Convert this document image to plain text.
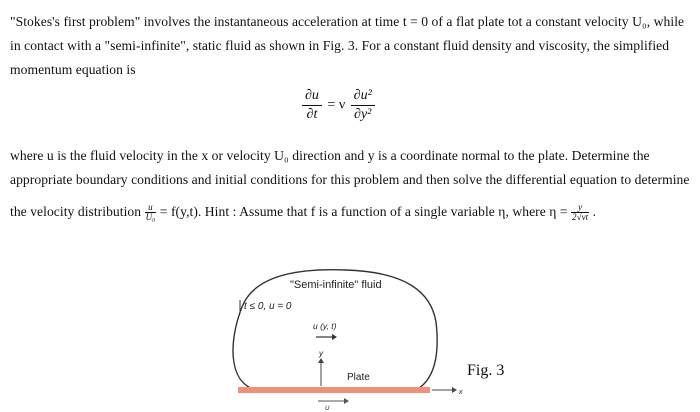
"Stokes's first problem" involves the instantaneous acceleration at time t = 0 of a flat plate tot a constant velocity U₀, while
in contact with a "semi-infinite", static fluid as shown in Fig. 3. For a constant fluid density and viscosity, the simplified
momentum equation is
$\frac{\partial u}{\partial t} = \nu \frac{\text{∂u²}}{\text{∂y²}}$
where u is the fluid velocity in the x or velocity U₀ direction and y is a coordinate normal to the plate. Determine the
appropriate boundary conditions and initial conditions for this problem and then solve the differential equation to determine
the velocity distribution $\frac{u}{\text{U₀}} = f(y,t)$. Hint : Assume that f is a function of a single variable η, where $\eta = \frac{y}{2√\nu t}$ .
"Semi-infinite" fluid
t ≤ 0, u = 0
u (y, t)
y
Plate
x
U
Fig. 3
